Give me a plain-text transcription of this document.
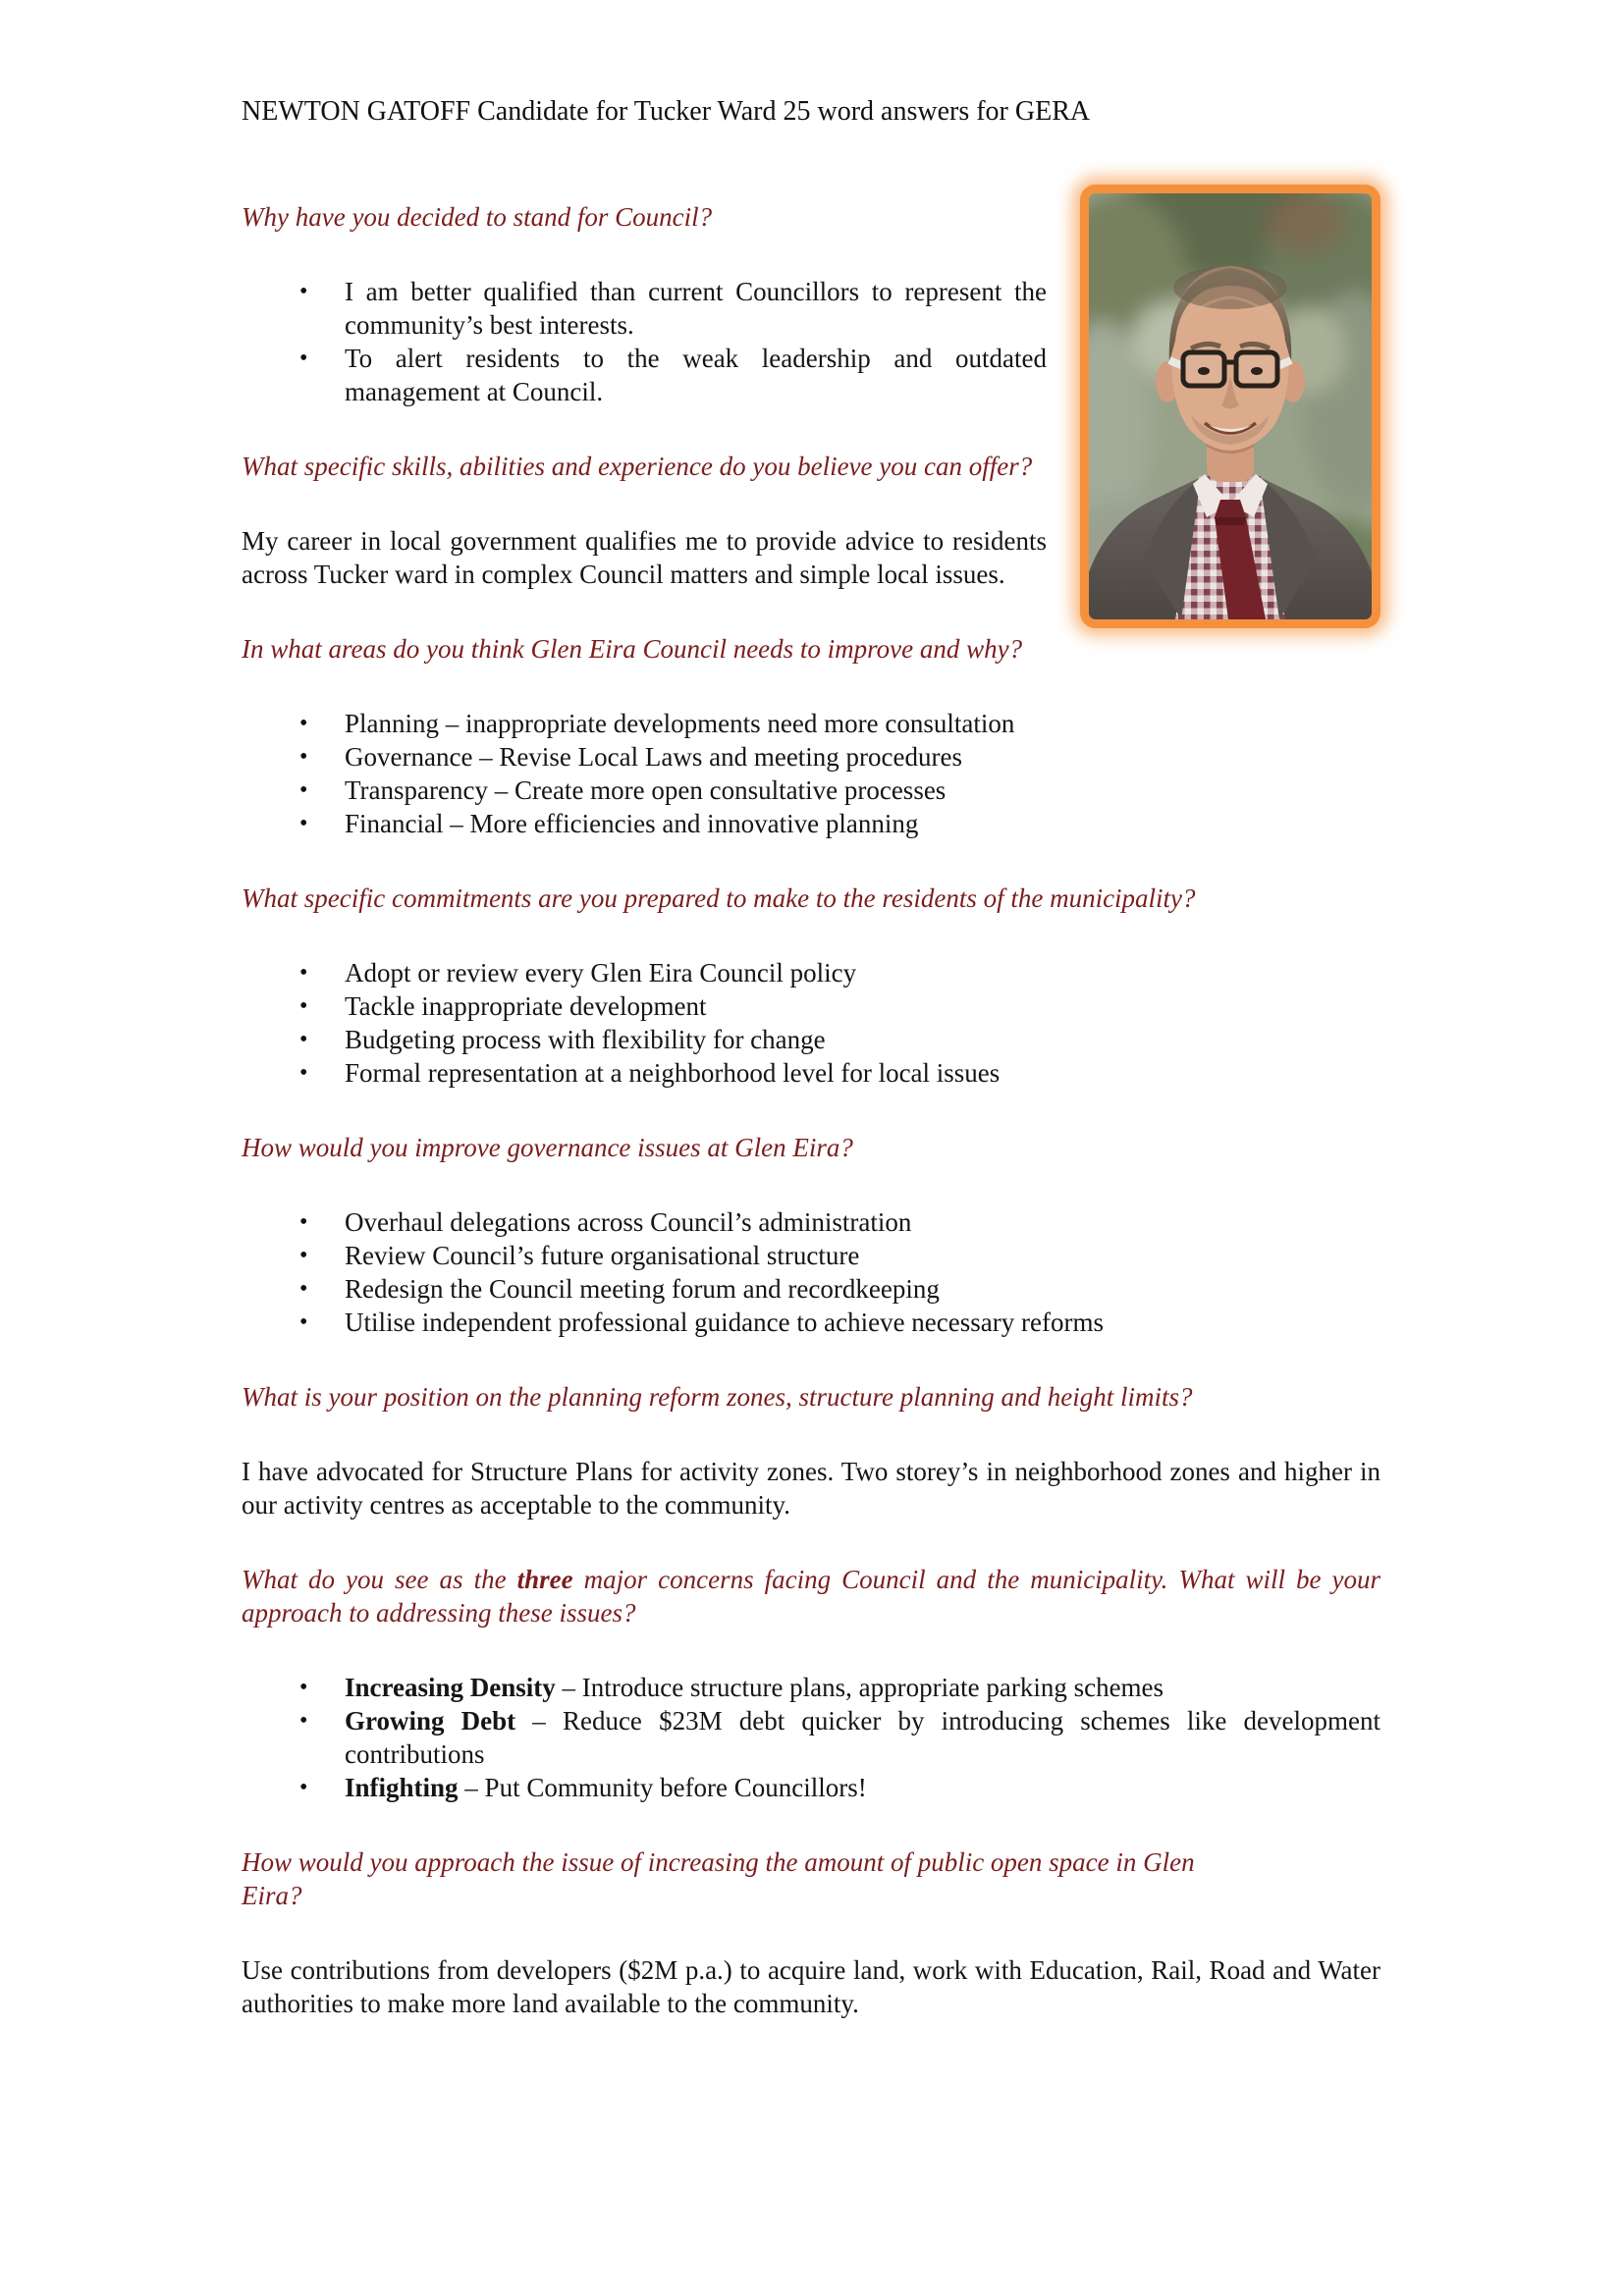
NEWTON GATOFF Candidate for Tucker Ward 25 word answers for GERA

Why have you decided to stand for Council?

• I am better qualified than current Councillors to represent the community’s best interests.
• To alert residents to the weak leadership and outdated management at Council.

What specific skills, abilities and experience do you believe you can offer?

My career in local government qualifies me to provide advice to residents across Tucker ward in complex Council matters and simple local issues.

In what areas do you think Glen Eira Council needs to improve and why?

• Planning – inappropriate developments need more consultation
• Governance – Revise Local Laws and meeting procedures
• Transparency – Create more open consultative processes
• Financial – More efficiencies and innovative planning

What specific commitments are you prepared to make to the residents of the municipality?

• Adopt or review every Glen Eira Council policy
• Tackle inappropriate development
• Budgeting process with flexibility for change
• Formal representation at a neighborhood level for local issues

How would you improve governance issues at Glen Eira?

• Overhaul delegations across Council’s administration
• Review Council’s future organisational structure
• Redesign the Council meeting forum and recordkeeping
• Utilise independent professional guidance to achieve necessary reforms

What is your position on the planning reform zones, structure planning and height limits?

I have advocated for Structure Plans for activity zones. Two storey’s in neighborhood zones and higher in our activity centres as acceptable to the community.

What do you see as the three major concerns facing Council and the municipality. What will be your approach to addressing these issues?

• Increasing Density – Introduce structure plans, appropriate parking schemes
• Growing Debt – Reduce $23M debt quicker by introducing schemes like development contributions
• Infighting – Put Community before Councillors!

How would you approach the issue of increasing the amount of public open space in Glen
Eira?

Use contributions from developers ($2M p.a.) to acquire land, work with Education, Rail, Road and Water authorities to make more land available to the community.
